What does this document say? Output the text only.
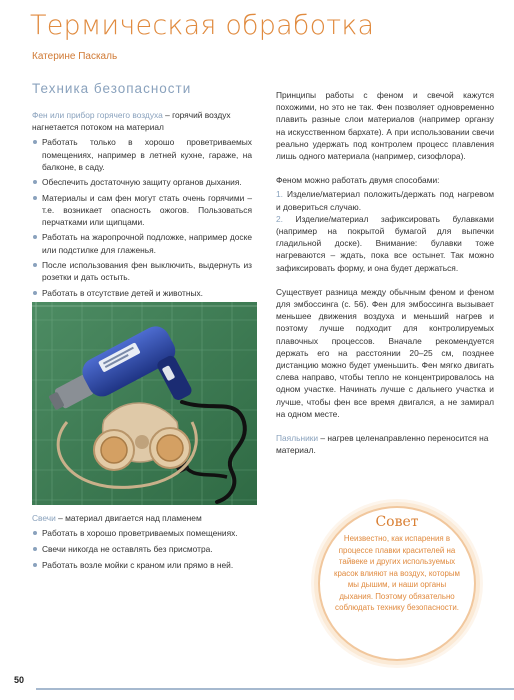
Термическая обработка
Катерине Паскаль
Техника безопасности
Фен или прибор горячего воздуха – горячий воздух нагнетается потоком на материал
Работать только в хорошо проветриваемых помещениях, например в летней кухне, гараже, на балконе, в саду.
Обеспечить достаточную защиту органов дыхания.
Материалы и сам фен могут стать очень горячими – т.е. возникает опасность ожогов. Пользоваться перчатками или щипцами.
Работать на жаропрочной подложке, например доске или подстилке для глаженья.
После использования фен выключить, выдернуть из розетки и дать остыть.
Работать в отсутствие детей и животных.
Свечи – материал двигается над пламенем
Работать в хорошо проветриваемых помещениях.
Свечи никогда не оставлять без присмотра.
Работать возле мойки с краном или прямо в ней.

Принципы работы с феном и свечой кажутся похожими, но это не так. Фен позволяет одновременно плавить разные слои материалов (например органзу на искусственном бархате). А при использовании свечи реально удержать под контролем процесс плавления лишь одного материала (например, сизофлора).

Феном можно работать двумя способами:
1. Изделие/материал положить/держать под нагревом и довериться случаю.
2. Изделие/материал зафиксировать булавками (например на покрытой бумагой для выпечки гладильной доске). Внимание: булавки тоже нагреваются – ждать, пока все остынет. Так можно зафиксировать форму, и она будет держаться.

Существует разница между обычным феном и феном для эмбоссинга (с. 56). Фен для эмбоссинга вызывает меньшее движения воздуха и меньший нагрев и поэтому лучше подходит для контролируемых плавочных процессов. Вначале рекомендуется держать его на расстоянии 20–25 см, позднее дистанцию можно будет уменьшить. Фен мягко двигать слева направо, чтобы тепло не концентрировалось на одном участке. Начинать лучше с дальнего участка и лучше, чтобы фен все время двигался, а не замирал на одном месте.

Паяльники – нагрев целенаправленно переносится на материал.
Совет
Неизвестно, как испарения в процессе плавки красителей на тайвеке и других используемых красок влияют на воздух, которым мы дышим, и наши органы дыхания. Поэтому обязательно соблюдать технику безопасности.
50
